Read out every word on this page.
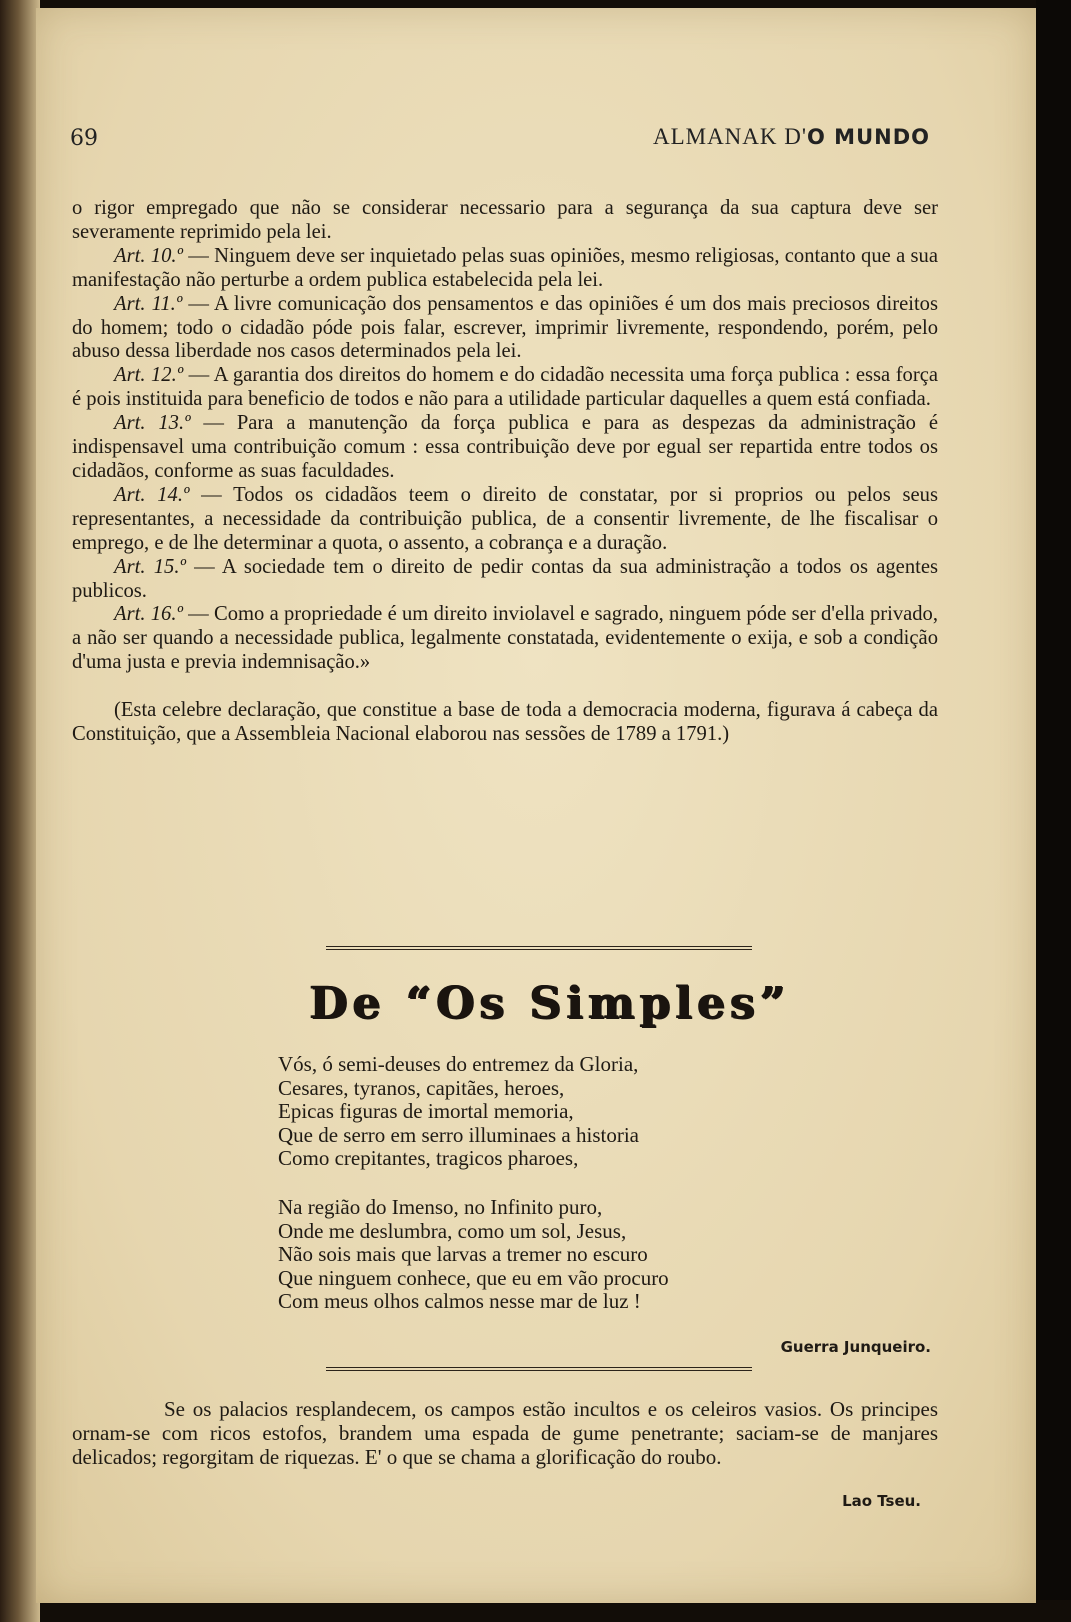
69	ALMANAK D'O MUNDO

o rigor empregado que não se considerar necessario para a segurança da sua captura deve ser severamente reprimido pela lei.

Art. 10.º — Ninguem deve ser inquietado pelas suas opiniões, mesmo religiosas, contanto que a sua manifestação não perturbe a ordem publica estabelecida pela lei.

Art. 11.º — A livre comunicação dos pensamentos e das opiniões é um dos mais preciosos direitos do homem; todo o cidadão póde pois falar, escrever, imprimir livremente, respondendo, porém, pelo abuso dessa liberdade nos casos determinados pela lei.

Art. 12.º — A garantia dos direitos do homem e do cidadão necessita uma força publica : essa força é pois instituida para beneficio de todos e não para a utilidade particular daquelles a quem está confiada.

Art. 13.º — Para a manutenção da força publica e para as despezas da administração é indispensavel uma contribuição comum : essa contribuição deve por egual ser repartida entre todos os cidadãos, conforme as suas faculdades.

Art. 14.º — Todos os cidadãos teem o direito de constatar, por si proprios ou pelos seus representantes, a necessidade da contribuição publica, de a consentir livremente, de lhe fiscalisar o emprego, e de lhe determinar a quota, o assento, a cobrança e a duração.

Art. 15.º — A sociedade tem o direito de pedir contas da sua administração a todos os agentes publicos.

Art. 16.º — Como a propriedade é um direito inviolavel e sagrado, ninguem póde ser d'ella privado, a não ser quando a necessidade publica, legalmente constatada, evidentemente o exija, e sob a condição d'uma justa e previa indemnisação.»

(Esta celebre declaração, que constitue a base de toda a democracia moderna, figurava á cabeça da Constituição, que a Assembleia Nacional elaborou nas sessões de 1789 a 1791.)

De “Os Simples”
Vós, ó semi-deuses do entremez da Gloria,
Cesares, tyranos, capitães, heroes,
Epicas figuras de imortal memoria,
Que de serro em serro illuminaes a historia
Como crepitantes, tragicos pharoes,
Na região do Imenso, no Infinito puro,
Onde me deslumbra, como um sol, Jesus,
Não sois mais que larvas a tremer no escuro
Que ninguem conhece, que eu em vão procuro
Com meus olhos calmos nesse mar de luz !
Guerra Junqueiro.

Se os palacios resplandecem, os campos estão incultos e os celeiros vasios. Os principes ornam-se com ricos estofos, brandem uma espada de gume penetrante; saciam-se de manjares delicados; regorgitam de riquezas. E' o que se chama a glorificação do roubo.

Lao Tseu.
